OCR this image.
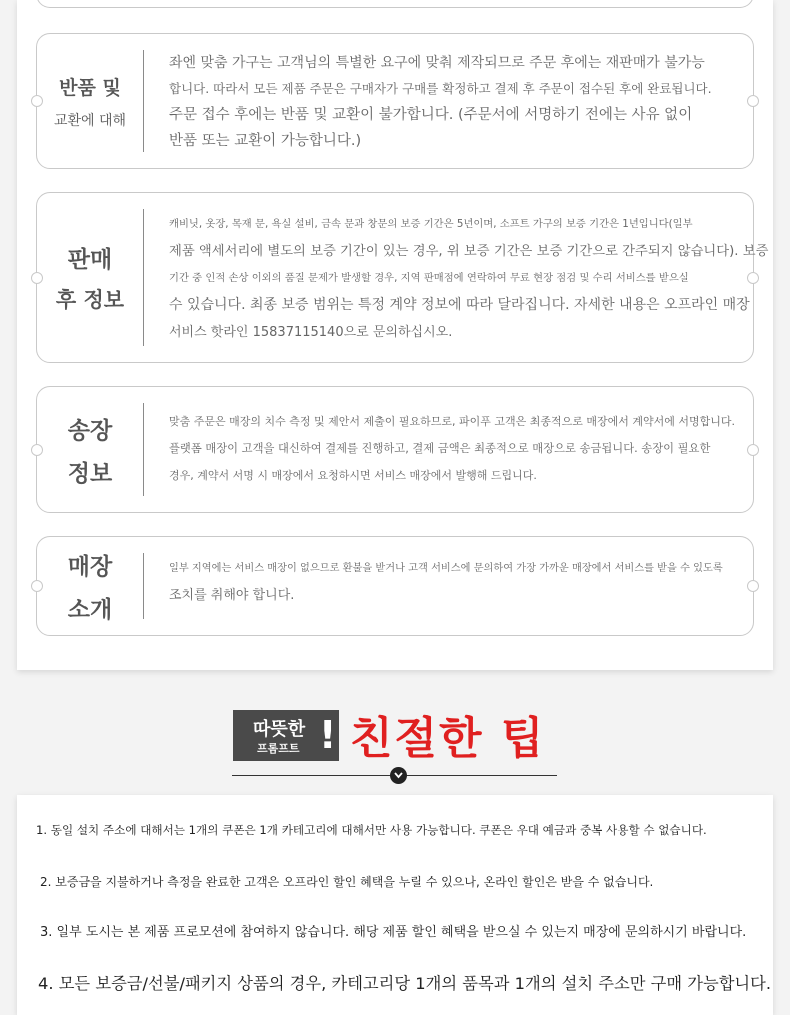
반품 및
교환에 대해

좌엔 맞춤 가구는 고객님의 특별한 요구에 맞춰 제작되므로 주문 후에는 재판매가 불가능

합니다. 따라서 모든 제품 주문은 구매자가 구매를 확정하고 결제 후 주문이 접수된 후에 완료됩니다.

주문 접수 후에는 반품 및 교환이 불가합니다. (주문서에 서명하기 전에는 사유 없이

반품 또는 교환이 가능합니다.)

판매
후 정보

캐비닛, 옷장, 목재 문, 욕실 설비, 금속 문과 창문의 보증 기간은 5년이며, 소프트 가구의 보증 기간은 1년입니다(일부

제품 액세서리에 별도의 보증 기간이 있는 경우, 위 보증 기간은 보증 기간으로 간주되지 않습니다). 보증

기간 중 인적 손상 이외의 품질 문제가 발생할 경우, 지역 판매점에 연락하여 무료 현장 점검 및 수리 서비스를 받으실

수 있습니다. 최종 보증 범위는 특정 계약 정보에 따라 달라집니다. 자세한 내용은 오프라인 매장

서비스 핫라인 15837115140으로 문의하십시오.

송장
정보

맞춤 주문은 매장의 치수 측정 및 제안서 제출이 필요하므로, 파이푸 고객은 최종적으로 매장에서 계약서에 서명합니다.

플랫폼 매장이 고객을 대신하여 결제를 진행하고, 결제 금액은 최종적으로 매장으로 송금됩니다. 송장이 필요한

경우, 계약서 서명 시 매장에서 요청하시면 서비스 매장에서 발행해 드립니다.

매장
소개

일부 지역에는 서비스 매장이 없으므로 환불을 받거나 고객 서비스에 문의하여 가장 가까운 매장에서 서비스를 받을 수 있도록

조치를 취해야 합니다.

따뜻한
프롬프트 ! 친절한 팁

1. 동일 설치 주소에 대해서는 1개의 쿠폰은 1개 카테고리에 대해서만 사용 가능합니다. 쿠폰은 우대 예금과 중복 사용할 수 없습니다.

2. 보증금을 지불하거나 측정을 완료한 고객은 오프라인 할인 혜택을 누릴 수 있으나, 온라인 할인은 받을 수 없습니다.

3. 일부 도시는 본 제품 프로모션에 참여하지 않습니다. 해당 제품 할인 혜택을 받으실 수 있는지 매장에 문의하시기 바랍니다.

4. 모든 보증금/선불/패키지 상품의 경우, 카테고리당 1개의 품목과 1개의 설치 주소만 구매 가능합니다.
